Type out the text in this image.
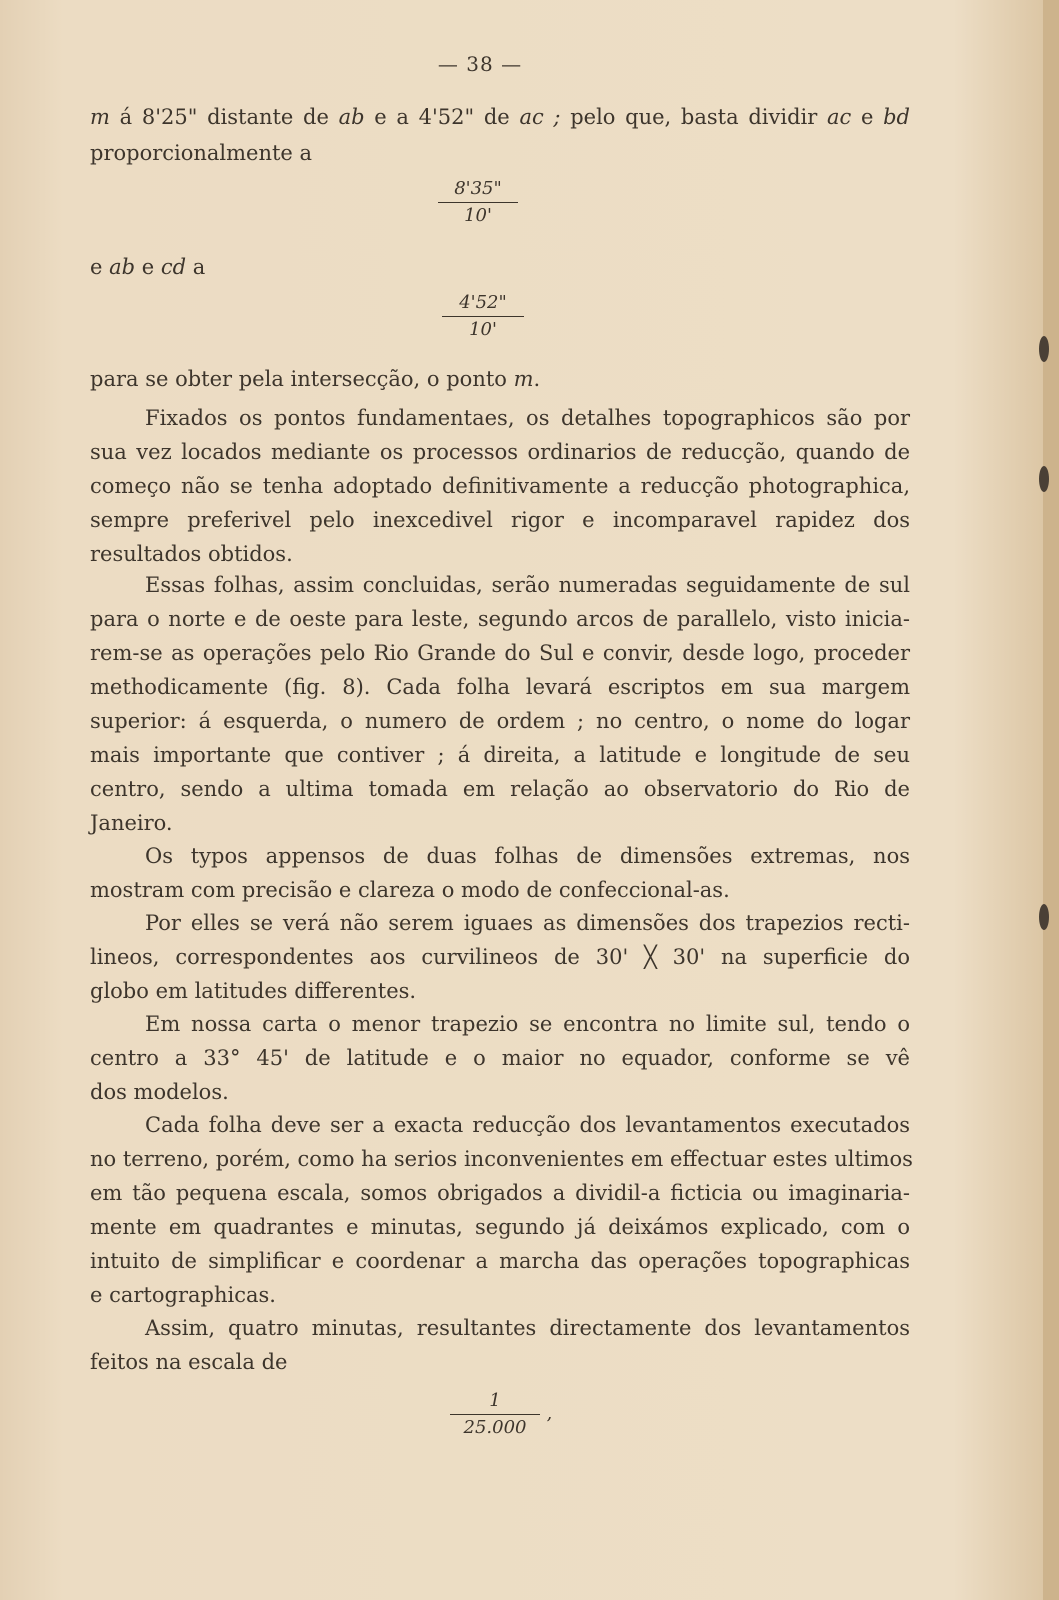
— 38 —
m á 8'25" distante de ab e a 4'52" de ac ; pelo que, basta dividir ac e bd
proporcionalmente a
$\frac{8'35"}{10'}$
e ab e cd a
$\frac{4'52"}{10'}$
para se obter pela intersecção, o ponto m.
Fixados os pontos fundamentaes, os detalhes topographicos são por
sua vez locados mediante os processos ordinarios de reducção, quando de
começo não se tenha adoptado definitivamente a reducção photographica,
sempre preferivel pelo inexcedivel rigor e incomparavel rapidez dos
resultados obtidos.
Essas folhas, assim concluidas, serão numeradas seguidamente de sul
para o norte e de oeste para leste, segundo arcos de parallelo, visto inicia-
rem-se as operações pelo Rio Grande do Sul e convir, desde logo, proceder
methodicamente (fig. 8). Cada folha levará escriptos em sua margem
superior: á esquerda, o numero de ordem ; no centro, o nome do logar
mais importante que contiver ; á direita, a latitude e longitude de seu
centro, sendo a ultima tomada em relação ao observatorio do Rio de
Janeiro.
Os typos appensos de duas folhas de dimensões extremas, nos
mostram com precisão e clareza o modo de confeccional-as.
Por elles se verá não serem iguaes as dimensões dos trapezios recti-
lineos, correspondentes aos curvilineos de 30' ╳ 30' na superficie do
globo em latitudes differentes.
Em nossa carta o menor trapezio se encontra no limite sul, tendo o
centro a 33° 45' de latitude e o maior no equador, conforme se vê
dos modelos.
Cada folha deve ser a exacta reducção dos levantamentos executados
no terreno, porém, como ha serios inconvenientes em effectuar estes ultimos
em tão pequena escala, somos obrigados a dividil-a ficticia ou imaginaria-
mente em quadrantes e minutas, segundo já deixámos explicado, com o
intuito de simplificar e coordenar a marcha das operações topographicas
e cartographicas.
Assim, quatro minutas, resultantes directamente dos levantamentos
feitos na escala de
$\frac{1}{25.000}$ ’
